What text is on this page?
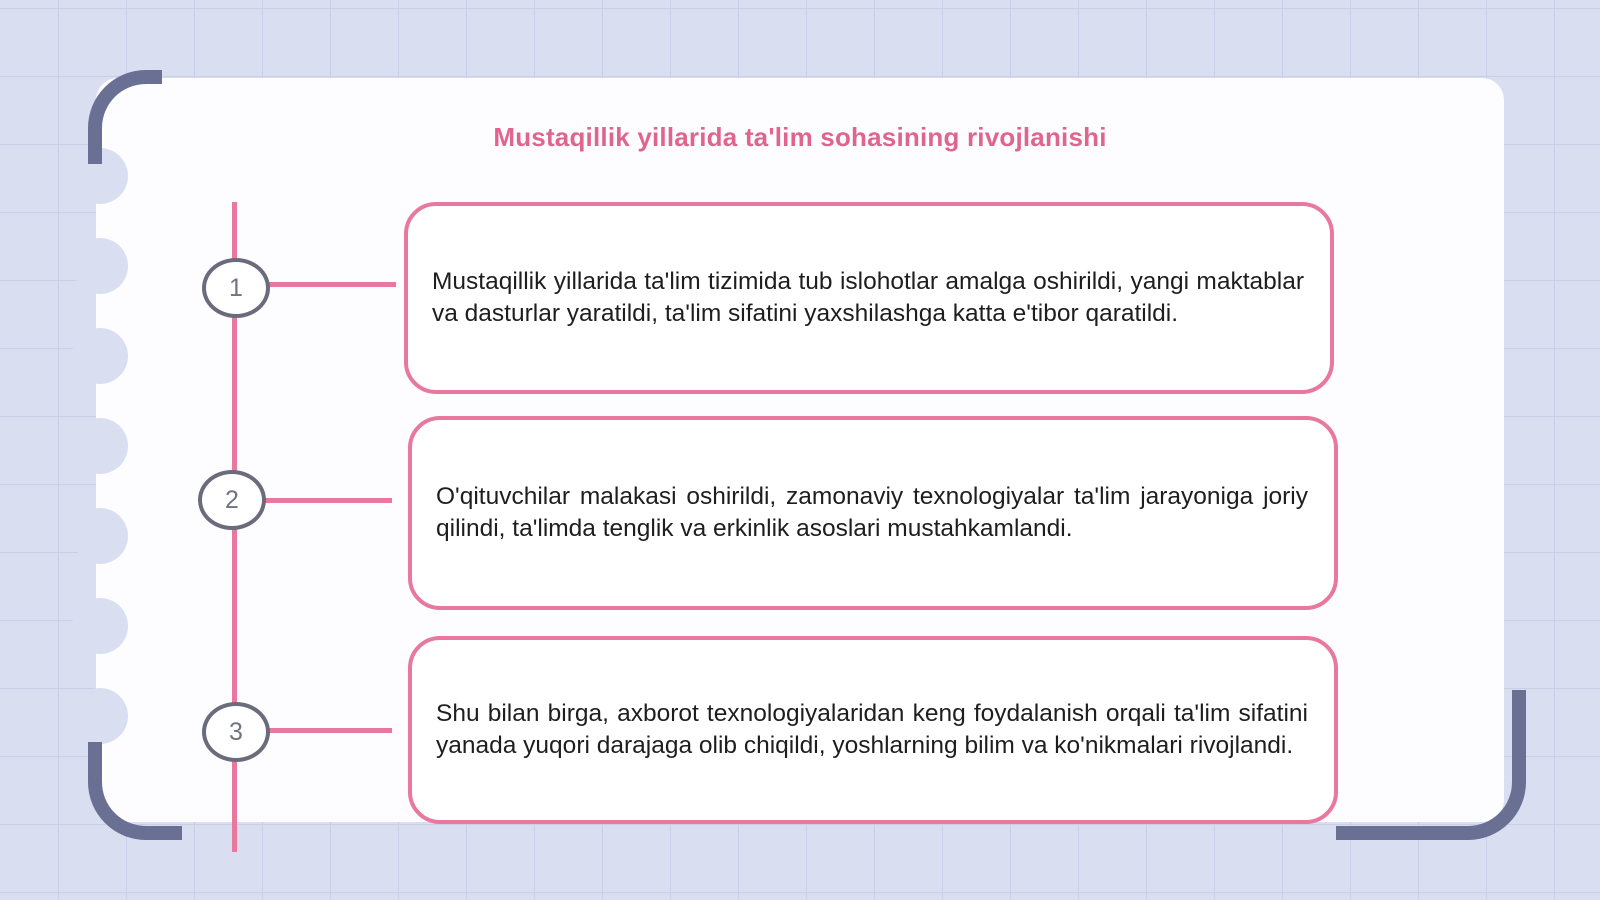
Mustaqillik yillarida ta'lim sohasining rivojlanishi
1	Mustaqillik yillarida ta'lim tizimida tub islohotlar amalga oshirildi, yangi maktablar va dasturlar yaratildi, ta'lim sifatini yaxshilashga katta e'tibor qaratildi.

2	O'qituvchilar malakasi oshirildi, zamonaviy texnologiyalar ta'lim jarayoniga joriy qilindi, ta'limda tenglik va erkinlik asoslari mustahkamlandi.

3

Shu bilan birga, axborot texnologiyalaridan keng foydalanish orqali ta'lim sifatini yanada yuqori darajaga olib chiqildi, yoshlarning bilim va ko'nikmalari rivojlandi.
